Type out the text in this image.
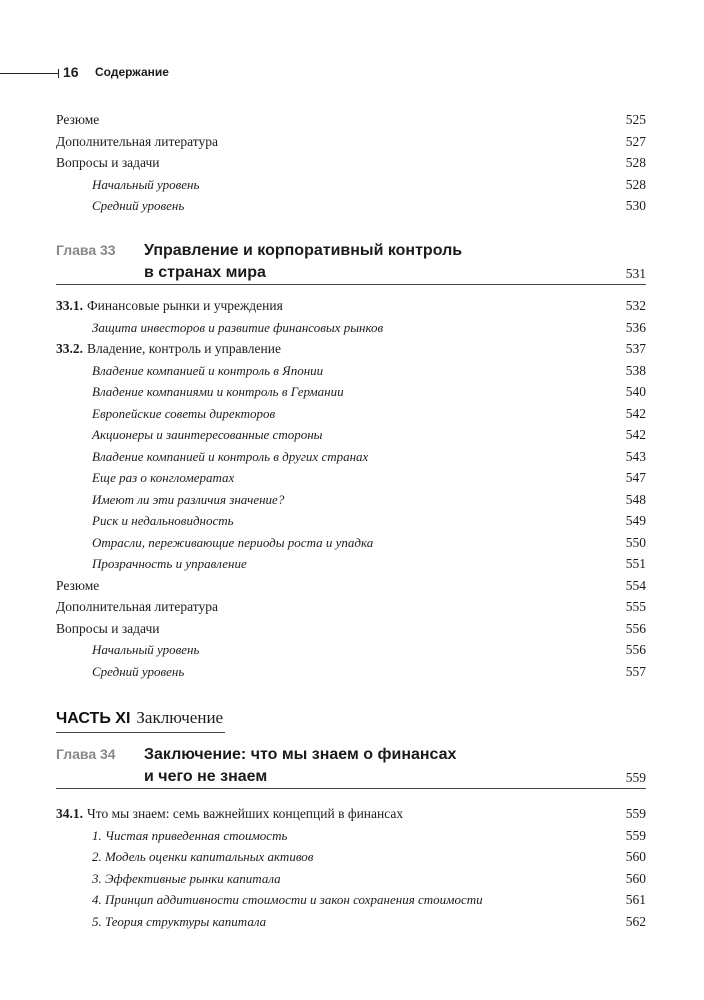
16 Содержание
Резюме	525
Дополнительная литература	527
Вопросы и задачи	528
Начальный уровень	528
Средний уровень	530
Глава 33 Управление и корпоративный контроль
в странах мира	531
33.1. Финансовые рынки и учреждения	532
Защита инвесторов и развитие финансовых рынков	536
33.2. Владение, контроль и управление	537
Владение компанией и контроль в Японии	538
Владение компаниями и контроль в Германии	540
Европейские советы директоров	542
Акционеры и заинтересованные стороны	542
Владение компанией и контроль в других странах	543
Еще раз о конгломератах	547
Имеют ли эти различия значение?	548
Риск и недальновидность	549
Отрасли, переживающие периоды роста и упадка	550
Прозрачность и управление	551
Резюме	554
Дополнительная литература	555
Вопросы и задачи	556
Начальный уровень	556
Средний уровень	557
ЧАСТЬ XI Заключение
Глава 34 Заключение: что мы знаем о финансах
и чего не знаем	559
34.1. Что мы знаем: семь важнейших концепций в финансах	559
1. Чистая приведенная стоимость	559
2. Модель оценки капитальных активов	560
3. Эффективные рынки капитала	560
4. Принцип аддитивности стоимости и закон сохранения стоимости	561
5. Теория структуры капитала	562
